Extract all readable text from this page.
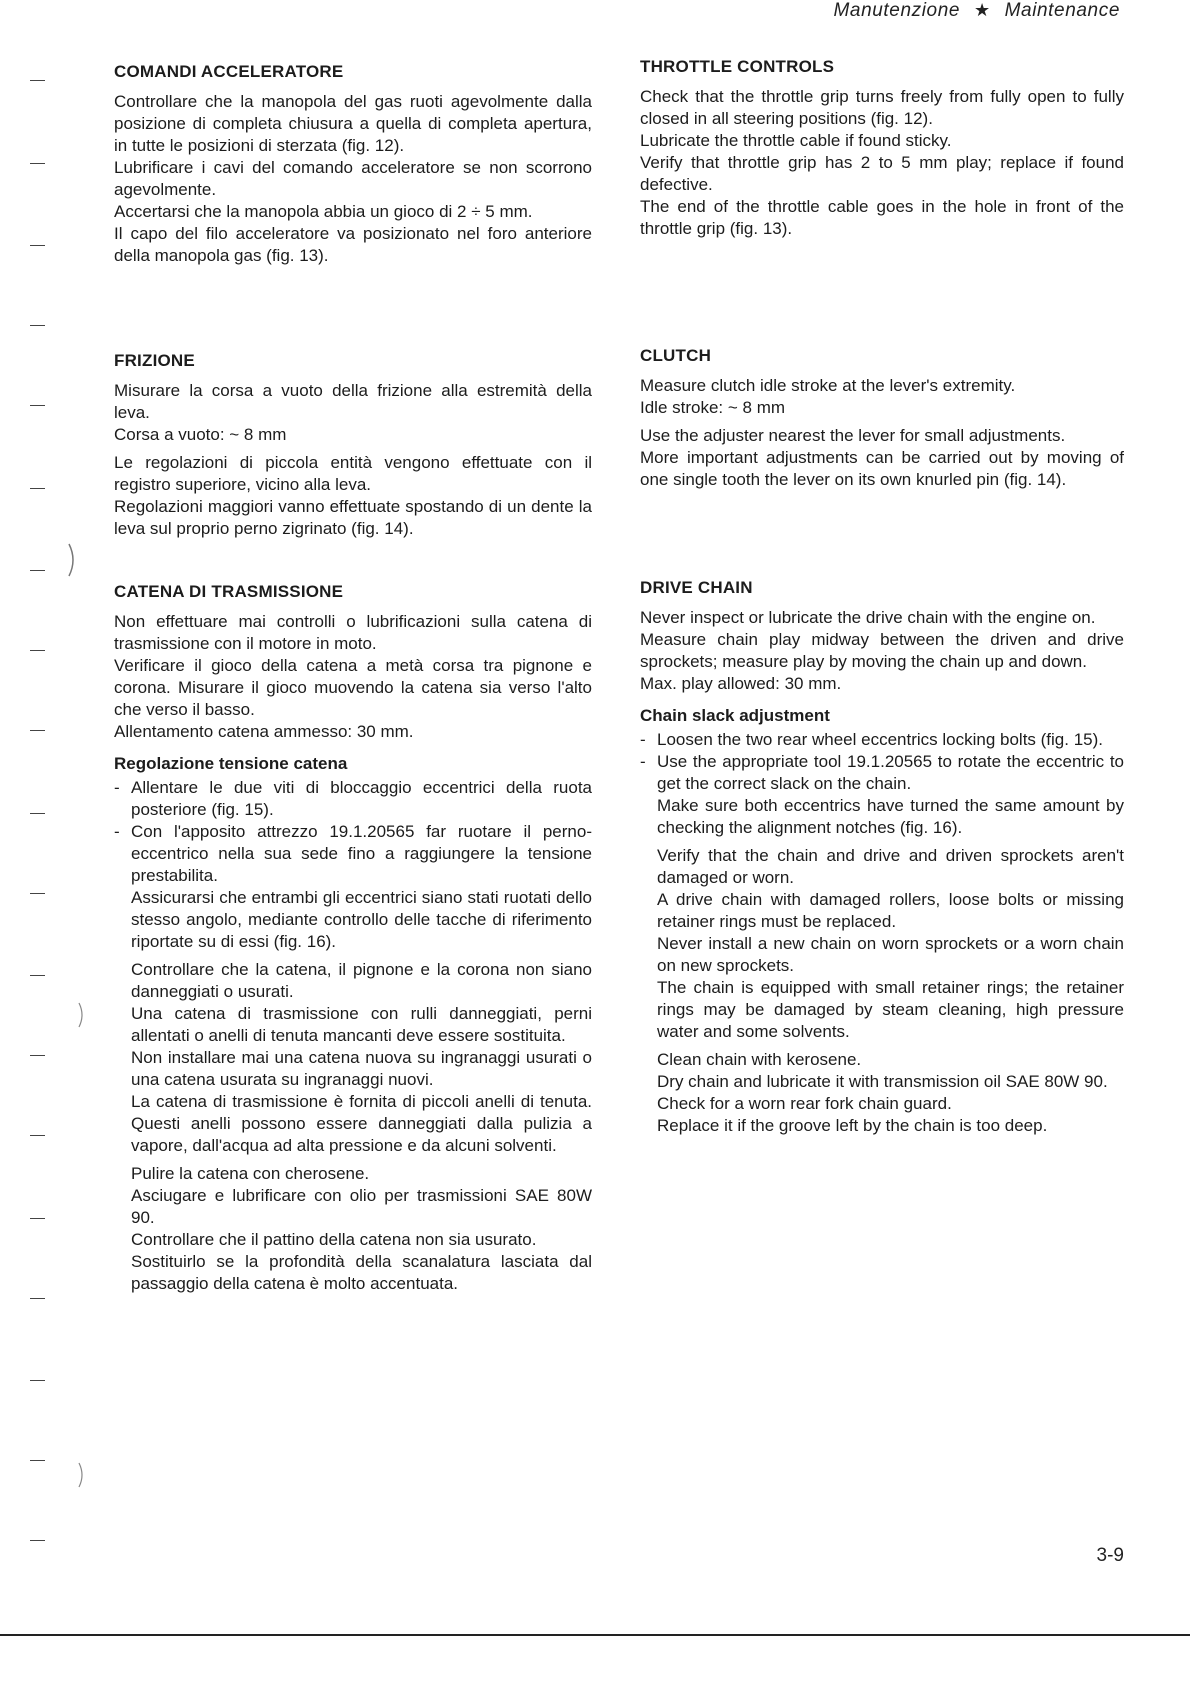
Manutenzione ★ Maintenance
COMANDI ACCELERATORE

Controllare che la manopola del gas ruoti agevolmente dalla posizione di completa chiusura a quella di completa apertura, in tutte le posizioni di sterzata (fig. 12).

Lubrificare i cavi del comando acceleratore se non scorrono agevolmente.

Accertarsi che la manopola abbia un gioco di 2 ÷ 5 mm.

Il capo del filo acceleratore va posizionato nel foro anteriore della manopola gas (fig. 13).

FRIZIONE

Misurare la corsa a vuoto della frizione alla estremità della leva.

Corsa a vuoto: ~ 8 mm

Le regolazioni di piccola entità vengono effettuate con il registro superiore, vicino alla leva.

Regolazioni maggiori vanno effettuate spostando di un dente la leva sul proprio perno zigrinato (fig. 14).

CATENA DI TRASMISSIONE

Non effettuare mai controlli o lubrificazioni sulla catena di trasmissione con il motore in moto.

Verificare il gioco della catena a metà corsa tra pignone e corona. Misurare il gioco muovendo la catena sia verso l'alto che verso il basso.

Allentamento catena ammesso: 30 mm.

Regolazione tensione catena

- Allentare le due viti di bloccaggio eccentrici della ruota posteriore (fig. 15).

- Con l'apposito attrezzo 19.1.20565 far ruotare il perno-eccentrico nella sua sede fino a raggiungere la tensione prestabilita.

Assicurarsi che entrambi gli eccentrici siano stati ruotati dello stesso angolo, mediante controllo delle tacche di riferimento riportate su di essi (fig. 16).

Controllare che la catena, il pignone e la corona non siano danneggiati o usurati.

Una catena di trasmissione con rulli danneggiati, perni allentati o anelli di tenuta mancanti deve essere sostituita.

Non installare mai una catena nuova su ingranaggi usurati o una catena usurata su ingranaggi nuovi.

La catena di trasmissione è fornita di piccoli anelli di tenuta. Questi anelli possono essere danneggiati dalla pulizia a vapore, dall'acqua ad alta pressione e da alcuni solventi.

Pulire la catena con cherosene.

Asciugare e lubrificare con olio per trasmissioni SAE 80W 90.

Controllare che il pattino della catena non sia usurato.

Sostituirlo se la profondità della scanalatura lasciata dal passaggio della catena è molto accentuata.

THROTTLE CONTROLS

Check that the throttle grip turns freely from fully open to fully closed in all steering positions (fig. 12).

Lubricate the throttle cable if found sticky.

Verify that throttle grip has 2 to 5 mm play; replace if found defective.

The end of the throttle cable goes in the hole in front of the throttle grip (fig. 13).

CLUTCH

Measure clutch idle stroke at the lever's extremity.

Idle stroke: ~ 8 mm

Use the adjuster nearest the lever for small adjustments.

More important adjustments can be carried out by moving of one single tooth the lever on its own knurled pin (fig. 14).

DRIVE CHAIN

Never inspect or lubricate the drive chain with the engine on.

Measure chain play midway between the driven and drive sprockets; measure play by moving the chain up and down.

Max. play allowed: 30 mm.

Chain slack adjustment

- Loosen the two rear wheel eccentrics locking bolts (fig. 15).

- Use the appropriate tool 19.1.20565 to rotate the eccentric to get the correct slack on the chain.

Make sure both eccentrics have turned the same amount by checking the alignment notches (fig. 16).

Verify that the chain and drive and driven sprockets aren't damaged or worn.

A drive chain with damaged rollers, loose bolts or missing retainer rings must be replaced.

Never install a new chain on worn sprockets or a worn chain on new sprockets.

The chain is equipped with small retainer rings; the retainer rings may be damaged by steam cleaning, high pressure water and some solvents.

Clean chain with kerosene.

Dry chain and lubricate it with transmission oil SAE 80W 90.

Check for a worn rear fork chain guard.

Replace it if the groove left by the chain is too deep.

3-9
